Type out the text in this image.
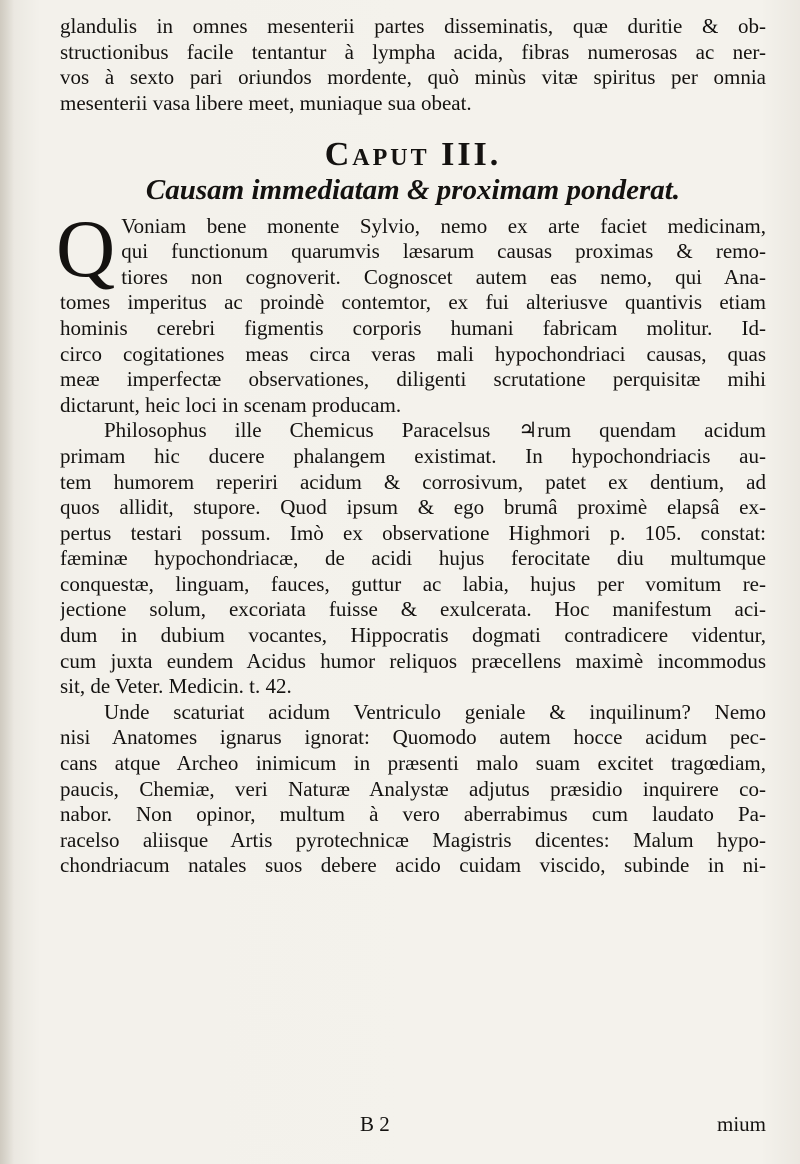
glandulis in omnes mesenterii partes disseminatis, quæ duritie & ob-
structionibus facile tentantur à lympha acida, fibras numerosas ac ner-
vos à sexto pari oriundos mordente, quò minùs vitæ spiritus per omnia
mesenterii vasa libere meet, muniaque sua obeat.
Caput III.
Causam immediatam & proximam ponderat.
Q Voniam bene monente Sylvio, nemo ex arte faciet medicinam,
qui functionum quarumvis læsarum causas proximas & remo-
tiores non cognoverit. Cognoscet autem eas nemo, qui Ana-
tomes imperitus ac proindè contemtor, ex fui alteriusve quantivis etiam
hominis cerebri figmentis corporis humani fabricam molitur. Id-
circo cogitationes meas circa veras mali hypochondriaci causas, quas
meæ imperfectæ observationes, diligenti scrutatione perquisitæ mihi
dictarunt, heic loci in scenam producam.
Philosophus ille Chemicus Paracelsus ♃rum quendam acidum
primam hic ducere phalangem existimat. In hypochondriacis au-
tem humorem reperiri acidum & corrosivum, patet ex dentium, ad
quos allidit, stupore. Quod ipsum & ego brumâ proximè elapsâ ex-
pertus testari possum. Imò ex observatione Highmori p. 105. constat:
fæminæ hypochondriacæ, de acidi hujus ferocitate diu multumque
conquestæ, linguam, fauces, guttur ac labia, hujus per vomitum re-
jectione solum, excoriata fuisse & exulcerata. Hoc manifestum aci-
dum in dubium vocantes, Hippocratis dogmati contradicere videntur,
cum juxta eundem Acidus humor reliquos præcellens maximè incommodus
sit, de Veter. Medicin. t. 42.
Unde scaturiat acidum Ventriculo geniale & inquilinum? Nemo
nisi Anatomes ignarus ignorat: Quomodo autem hocce acidum pec-
cans atque Archeo inimicum in præsenti malo suam excitet tragœdiam,
paucis, Chemiæ, veri Naturæ Analystæ adjutus præsidio inquirere co-
nabor. Non opinor, multum à vero aberrabimus cum laudato Pa-
racelso aliisque Artis pyrotechnicæ Magistris dicentes: Malum hypo-
chondriacum natales suos debere acido cuidam viscido, subinde in ni-
B 2	mium
